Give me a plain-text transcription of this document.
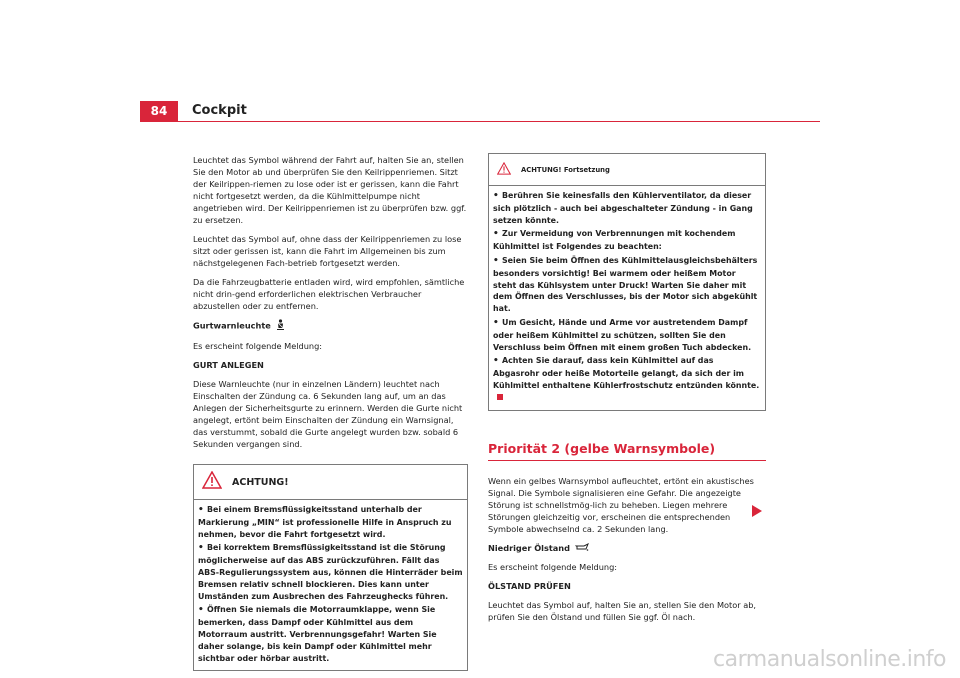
84 Cockpit

Leuchtet das Symbol während der Fahrt auf, halten Sie an, stellen Sie den Motor ab und überprüfen Sie den Keilrippenriemen. Sitzt der Keilrippen-riemen zu lose oder ist er gerissen, kann die Fahrt nicht fortgesetzt werden, da die Kühlmittelpumpe nicht angetrieben wird. Der Keilrippenriemen ist zu überprüfen bzw. ggf. zu ersetzen.

Leuchtet das Symbol auf, ohne dass der Keilrippenriemen zu lose sitzt oder gerissen ist, kann die Fahrt im Allgemeinen bis zum nächstgelegenen Fach-betrieb fortgesetzt werden.

Da die Fahrzeugbatterie entladen wird, wird empfohlen, sämtliche nicht drin-gend erforderlichen elektrischen Verbraucher abzustellen oder zu entfernen.

Gurtwarnleuchte

Es erscheint folgende Meldung:

GURT ANLEGEN

Diese Warnleuchte (nur in einzelnen Ländern) leuchtet nach Einschalten der Zündung ca. 6 Sekunden lang auf, um an das Anlegen der Sicherheitsgurte zu erinnern. Werden die Gurte nicht angelegt, ertönt beim Einschalten der Zündung ein Warnsignal, das verstummt, sobald die Gurte angelegt wurden bzw. sobald 6 Sekunden vergangen sind.

ACHTUNG!
• Bei einem Bremsflüssigkeitsstand unterhalb der Markierung „MIN“ ist professionelle Hilfe in Anspruch zu nehmen, bevor die Fahrt fortgesetzt wird.
• Bei korrektem Bremsflüssigkeitsstand ist die Störung möglicherweise auf das ABS zurückzuführen. Fällt das ABS-Regulierungssystem aus, können die Hinterräder beim Bremsen relativ schnell blockieren. Dies kann unter Umständen zum Ausbrechen des Fahrzeughecks führen.
• Öffnen Sie niemals die Motorraumklappe, wenn Sie bemerken, dass Dampf oder Kühlmittel aus dem Motorraum austritt. Verbrennungsgefahr! Warten Sie daher solange, bis kein Dampf oder Kühlmittel mehr sichtbar oder hörbar austritt.
ACHTUNG! Fortsetzung
• Berühren Sie keinesfalls den Kühlerventilator, da dieser sich plötzlich - auch bei abgeschalteter Zündung - in Gang setzen könnte.
• Zur Vermeidung von Verbrennungen mit kochendem Kühlmittel ist Folgendes zu beachten:
• Seien Sie beim Öffnen des Kühlmittelausgleichsbehälters besonders vorsichtig! Bei warmem oder heißem Motor steht das Kühlsystem unter Druck! Warten Sie daher mit dem Öffnen des Verschlusses, bis der Motor sich abgekühlt hat.
• Um Gesicht, Hände und Arme vor austretendem Dampf oder heißem Kühlmittel zu schützen, sollten Sie den Verschluss beim Öffnen mit einem großen Tuch abdecken.
• Achten Sie darauf, dass kein Kühlmittel auf das Abgasrohr oder heiße Motorteile gelangt, da sich der im Kühlmittel enthaltene Kühlerfrostschutz entzünden könnte.
Priorität 2 (gelbe Warnsymbole)

Wenn ein gelbes Warnsymbol aufleuchtet, ertönt ein akustisches Signal. Die Symbole signalisieren eine Gefahr. Die angezeigte Störung ist schnellstmög-lich zu beheben. Liegen mehrere Störungen gleichzeitig vor, erscheinen die entsprechenden Symbole abwechselnd ca. 2 Sekunden lang.

Niedriger Ölstand

Es erscheint folgende Meldung:

ÖLSTAND PRÜFEN

Leuchtet das Symbol auf, halten Sie an, stellen Sie den Motor ab, prüfen Sie den Ölstand und füllen Sie ggf. Öl nach.

carmanualsonline.info
